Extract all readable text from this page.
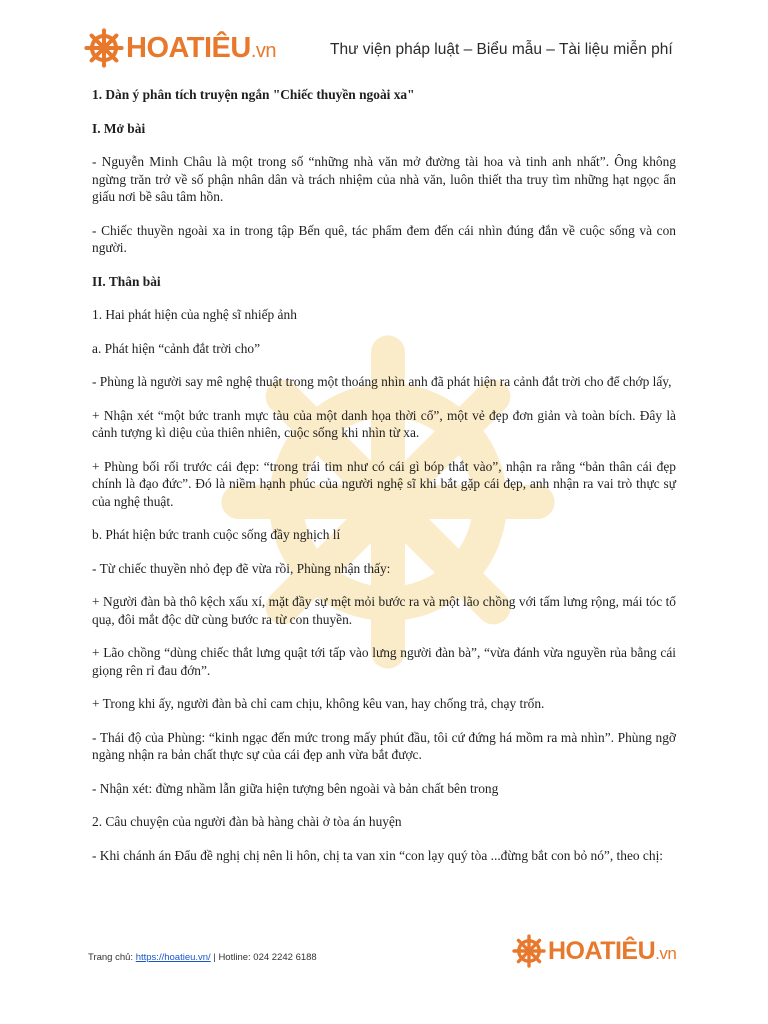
HOATIÊU.vn	Thư viện pháp luật – Biểu mẫu – Tài liệu miễn phí

1. Dàn ý phân tích truyện ngắn "Chiếc thuyền ngoài xa"

I. Mở bài

- Nguyễn Minh Châu là một trong số “những nhà văn mở đường tài hoa và tinh anh nhất”. Ông không ngừng trăn trở về số phận nhân dân và trách nhiệm của nhà văn, luôn thiết tha truy tìm những hạt ngọc ẩn giấu nơi bề sâu tâm hồn.

- Chiếc thuyền ngoài xa in trong tập Bến quê, tác phẩm đem đến cái nhìn đúng đắn về cuộc sống và con người.

II. Thân bài

1. Hai phát hiện của nghệ sĩ nhiếp ảnh

a. Phát hiện “cảnh đắt trời cho”

- Phùng là người say mê nghệ thuật trong một thoáng nhìn anh đã phát hiện ra cảnh đắt trời cho để chớp lấy,

+ Nhận xét “một bức tranh mực tàu của một danh họa thời cổ”, một vẻ đẹp đơn giản và toàn bích. Đây là cảnh tượng kì diệu của thiên nhiên, cuộc sống khi nhìn từ xa.

+ Phùng bối rối trước cái đẹp: “trong trái tim như có cái gì bóp thắt vào”, nhận ra rằng “bản thân cái đẹp chính là đạo đức”. Đó là niềm hạnh phúc của người nghệ sĩ khi bắt gặp cái đẹp, anh nhận ra vai trò thực sự của nghệ thuật.

b. Phát hiện bức tranh cuộc sống đầy nghịch lí

- Từ chiếc thuyền nhỏ đẹp đẽ vừa rồi, Phùng nhận thấy:

+ Người đàn bà thô kệch xấu xí, mặt đầy sự mệt mỏi bước ra và một lão chồng với tấm lưng rộng, mái tóc tổ quạ, đôi mắt độc dữ cùng bước ra từ con thuyền.

+ Lão chồng “dùng chiếc thắt lưng quật tới tấp vào lưng người đàn bà”, “vừa đánh vừa nguyền rủa bằng cái giọng rên rỉ đau đớn”.

+ Trong khi ấy, người đàn bà chỉ cam chịu, không kêu van, hay chống trả, chạy trốn.

- Thái độ của Phùng: “kinh ngạc đến mức trong mấy phút đầu, tôi cứ đứng há mồm ra mà nhìn”. Phùng ngỡ ngàng nhận ra bản chất thực sự của cái đẹp anh vừa bắt được.

- Nhận xét: đừng nhầm lẫn giữa hiện tượng bên ngoài và bản chất bên trong

2. Câu chuyện của người đàn bà hàng chài ở tòa án huyện

- Khi chánh án Đẩu đề nghị chị nên li hôn, chị ta van xin “con lạy quý tòa ...đừng bắt con bỏ nó”, theo chị:

Trang chủ: https://hoatieu.vn/ | Hotline: 024 2242 6188	HOATIÊU.vn
